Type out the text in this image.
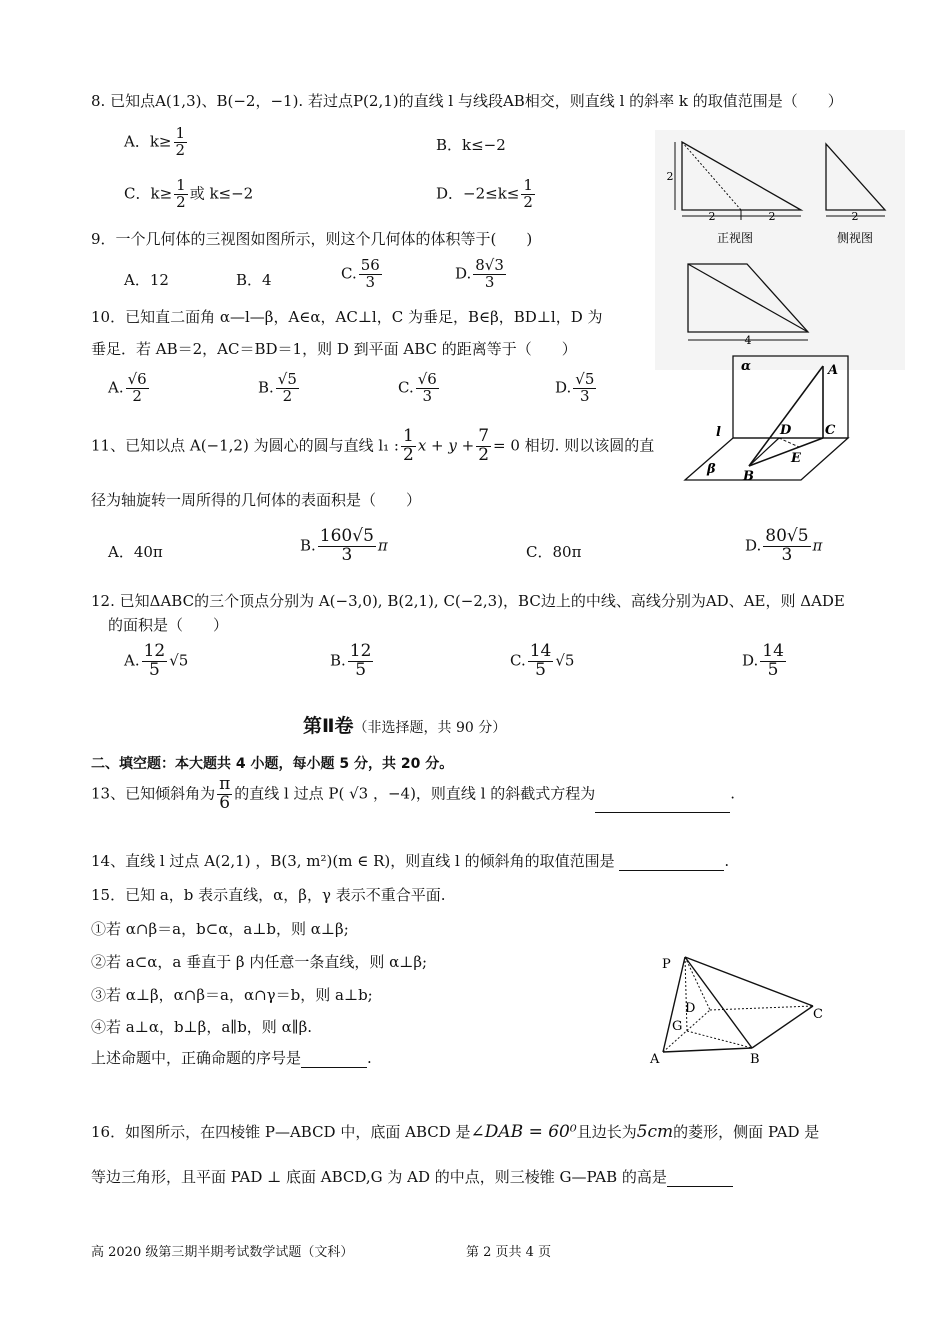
8. 已知点A(1,3)、B(−2，−1). 若过点P(2,1)的直线 l 与线段AB相交，则直线 l 的斜率 k 的取值范围是（　　）
A．$k\ge \frac{1}{2}$	B．k≤−2
C．$k\ge \frac{1}{2}$ 或 k≤−2	D．$-2\le k\le \frac{1}{2}$
9．一个几何体的三视图如图所示，则这个几何体的体积等于(　　)
A．12	B．4	C. $\frac{56}{3}$	D. $\frac{8√3}{3}$
2
2	2
正视图
2
侧视图
4
10．已知直二面角 α—l—β，A∈α，AC⊥l，C 为垂足，B∈β，BD⊥l，D 为
垂足．若 AB＝2，AC＝BD＝1，则 D 到平面 ABC 的距离等于（　　）
A. $\frac{√6}{2}$	B. $\frac{√5}{2}$	C. $\frac{√6}{3}$	D. $\frac{√5}{3}$
α	A
l	D	C
E
β B
11、已知以点 A(−1,2) 为圆心的圆与直线 l₁ : $\frac{1}{2}$ $x + y + \frac{7}{2} = 0$ 相切. 则以该圆的直
径为轴旋转一周所得的几何体的表面积是（　　）
A．40π	B. $\frac{160√5}{3}$ π	C．80π	D. $\frac{80√5}{3}$ π
12. 已知ΔABC的三个顶点分别为 A(−3,0), B(2,1), C(−2,3)，BC边上的中线、高线分别为AD、AE，则 ΔADE
的面积是（　　）
A. $\frac{12}{5} √5$	B. $\frac{12}{5}$	C. $\frac{14}{5} √5$	D. $\frac{14}{5}$
第Ⅱ卷（非选择题，共 90 分）
二、填空题：本大题共 4 小题，每小题 5 分，共 20 分。
13、已知倾斜角为 $\frac{\pi}{6}$ 的直线 l 过点 P( √3 ，−4)，则直线 l 的斜截式方程为	.
14、直线 l 过点 A(2,1) ，B(3, m²)(m ∈ R)，则直线 l 的倾斜角的取值范围是	.
15．已知 a，b 表示直线，α，β，γ 表示不重合平面.
①若 α∩β＝a，b⊂α，a⊥b，则 α⊥β;
②若 a⊂α，a 垂直于 β 内任意一条直线，则 α⊥β;
③若 α⊥β，α∩β＝a，α∩γ＝b，则 a⊥b;
④若 a⊥α，b⊥β，a∥b，则 α∥β.
上述命题中，正确命题的序号是	.
P
D	C
G
A	B
16．如图所示，在四棱锥 P—ABCD 中，底面 ABCD 是∠DAB = 60⁰且边长为5cm的菱形，侧面 PAD 是
等边三角形，且平面 PAD ⊥ 底面 ABCD,G 为 AD 的中点，则三棱锥 G—PAB 的高是
高 2020 级第三期半期考试数学试题（文科）	第 2 页共 4 页
